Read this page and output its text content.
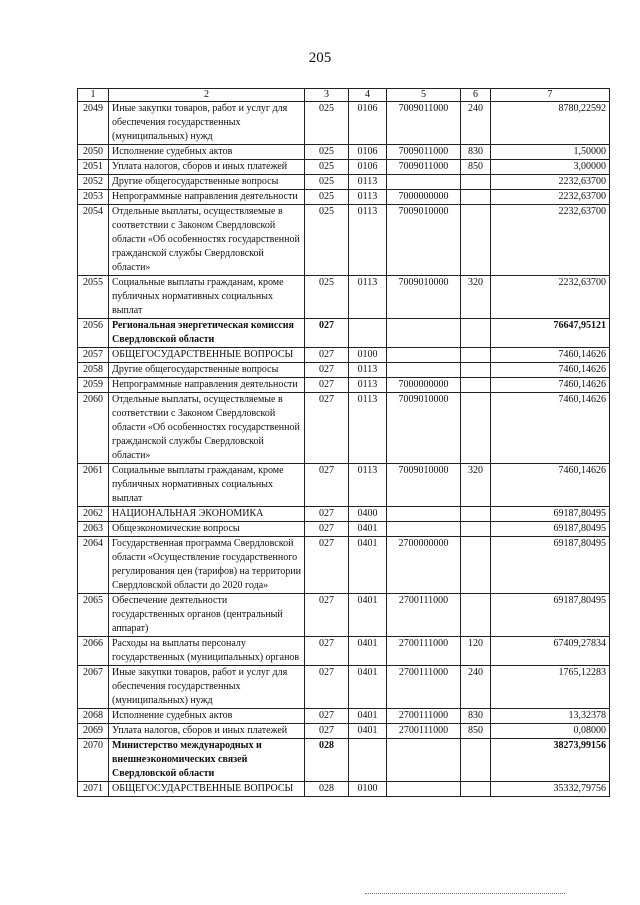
205
1	2	3	4	5	6	7
2049	Иные закупки товаров, работ и услуг для обеспечения государственных (муниципальных) нужд	025	0106	7009011000	240	8780,22592
2050	Исполнение судебных актов	025	0106	7009011000	830	1,50000
2051	Уплата налогов, сборов и иных платежей	025	0106	7009011000	850	3,00000
2052	Другие общегосударственные вопросы	025	0113			2232,63700
2053	Непрограммные направления деятельности	025	0113	7000000000		2232,63700
2054	Отдельные выплаты, осуществляемые в соответствии с Законом Свердловской области «Об особенностях государственной гражданской службы Свердловской области»	025	0113	7009010000		2232,63700
2055	Социальные выплаты гражданам, кроме публичных нормативных социальных выплат	025	0113	7009010000	320	2232,63700
2056	Региональная энергетическая комиссия Свердловской области	027				76647,95121
2057	ОБЩЕГОСУДАРСТВЕННЫЕ ВОПРОСЫ	027	0100			7460,14626
2058	Другие общегосударственные вопросы	027	0113			7460,14626
2059	Непрограммные направления деятельности	027	0113	7000000000		7460,14626
2060	Отдельные выплаты, осуществляемые в соответствии с Законом Свердловской области «Об особенностях государственной гражданской службы Свердловской области»	027	0113	7009010000		7460,14626
2061	Социальные выплаты гражданам, кроме публичных нормативных социальных выплат	027	0113	7009010000	320	7460,14626
2062	НАЦИОНАЛЬНАЯ ЭКОНОМИКА	027	0400			69187,80495
2063	Общеэкономические вопросы	027	0401			69187,80495
2064	Государственная программа Свердловской области «Осуществление государственного регулирования цен (тарифов) на территории Свердловской области до 2020 года»	027	0401	2700000000		69187,80495
2065	Обеспечение деятельности государственных органов (центральный аппарат)	027	0401	2700111000		69187,80495
2066	Расходы на выплаты персоналу государственных (муниципальных) органов	027	0401	2700111000	120	67409,27834
2067	Иные закупки товаров, работ и услуг для обеспечения государственных (муниципальных) нужд	027	0401	2700111000	240	1765,12283
2068	Исполнение судебных актов	027	0401	2700111000	830	13,32378
2069	Уплата налогов, сборов и иных платежей	027	0401	2700111000	850	0,08000
2070	Министерство международных и внешнеэкономических связей Свердловской области	028				38273,99156
2071	ОБЩЕГОСУДАРСТВЕННЫЕ ВОПРОСЫ	028	0100			35332,79756
